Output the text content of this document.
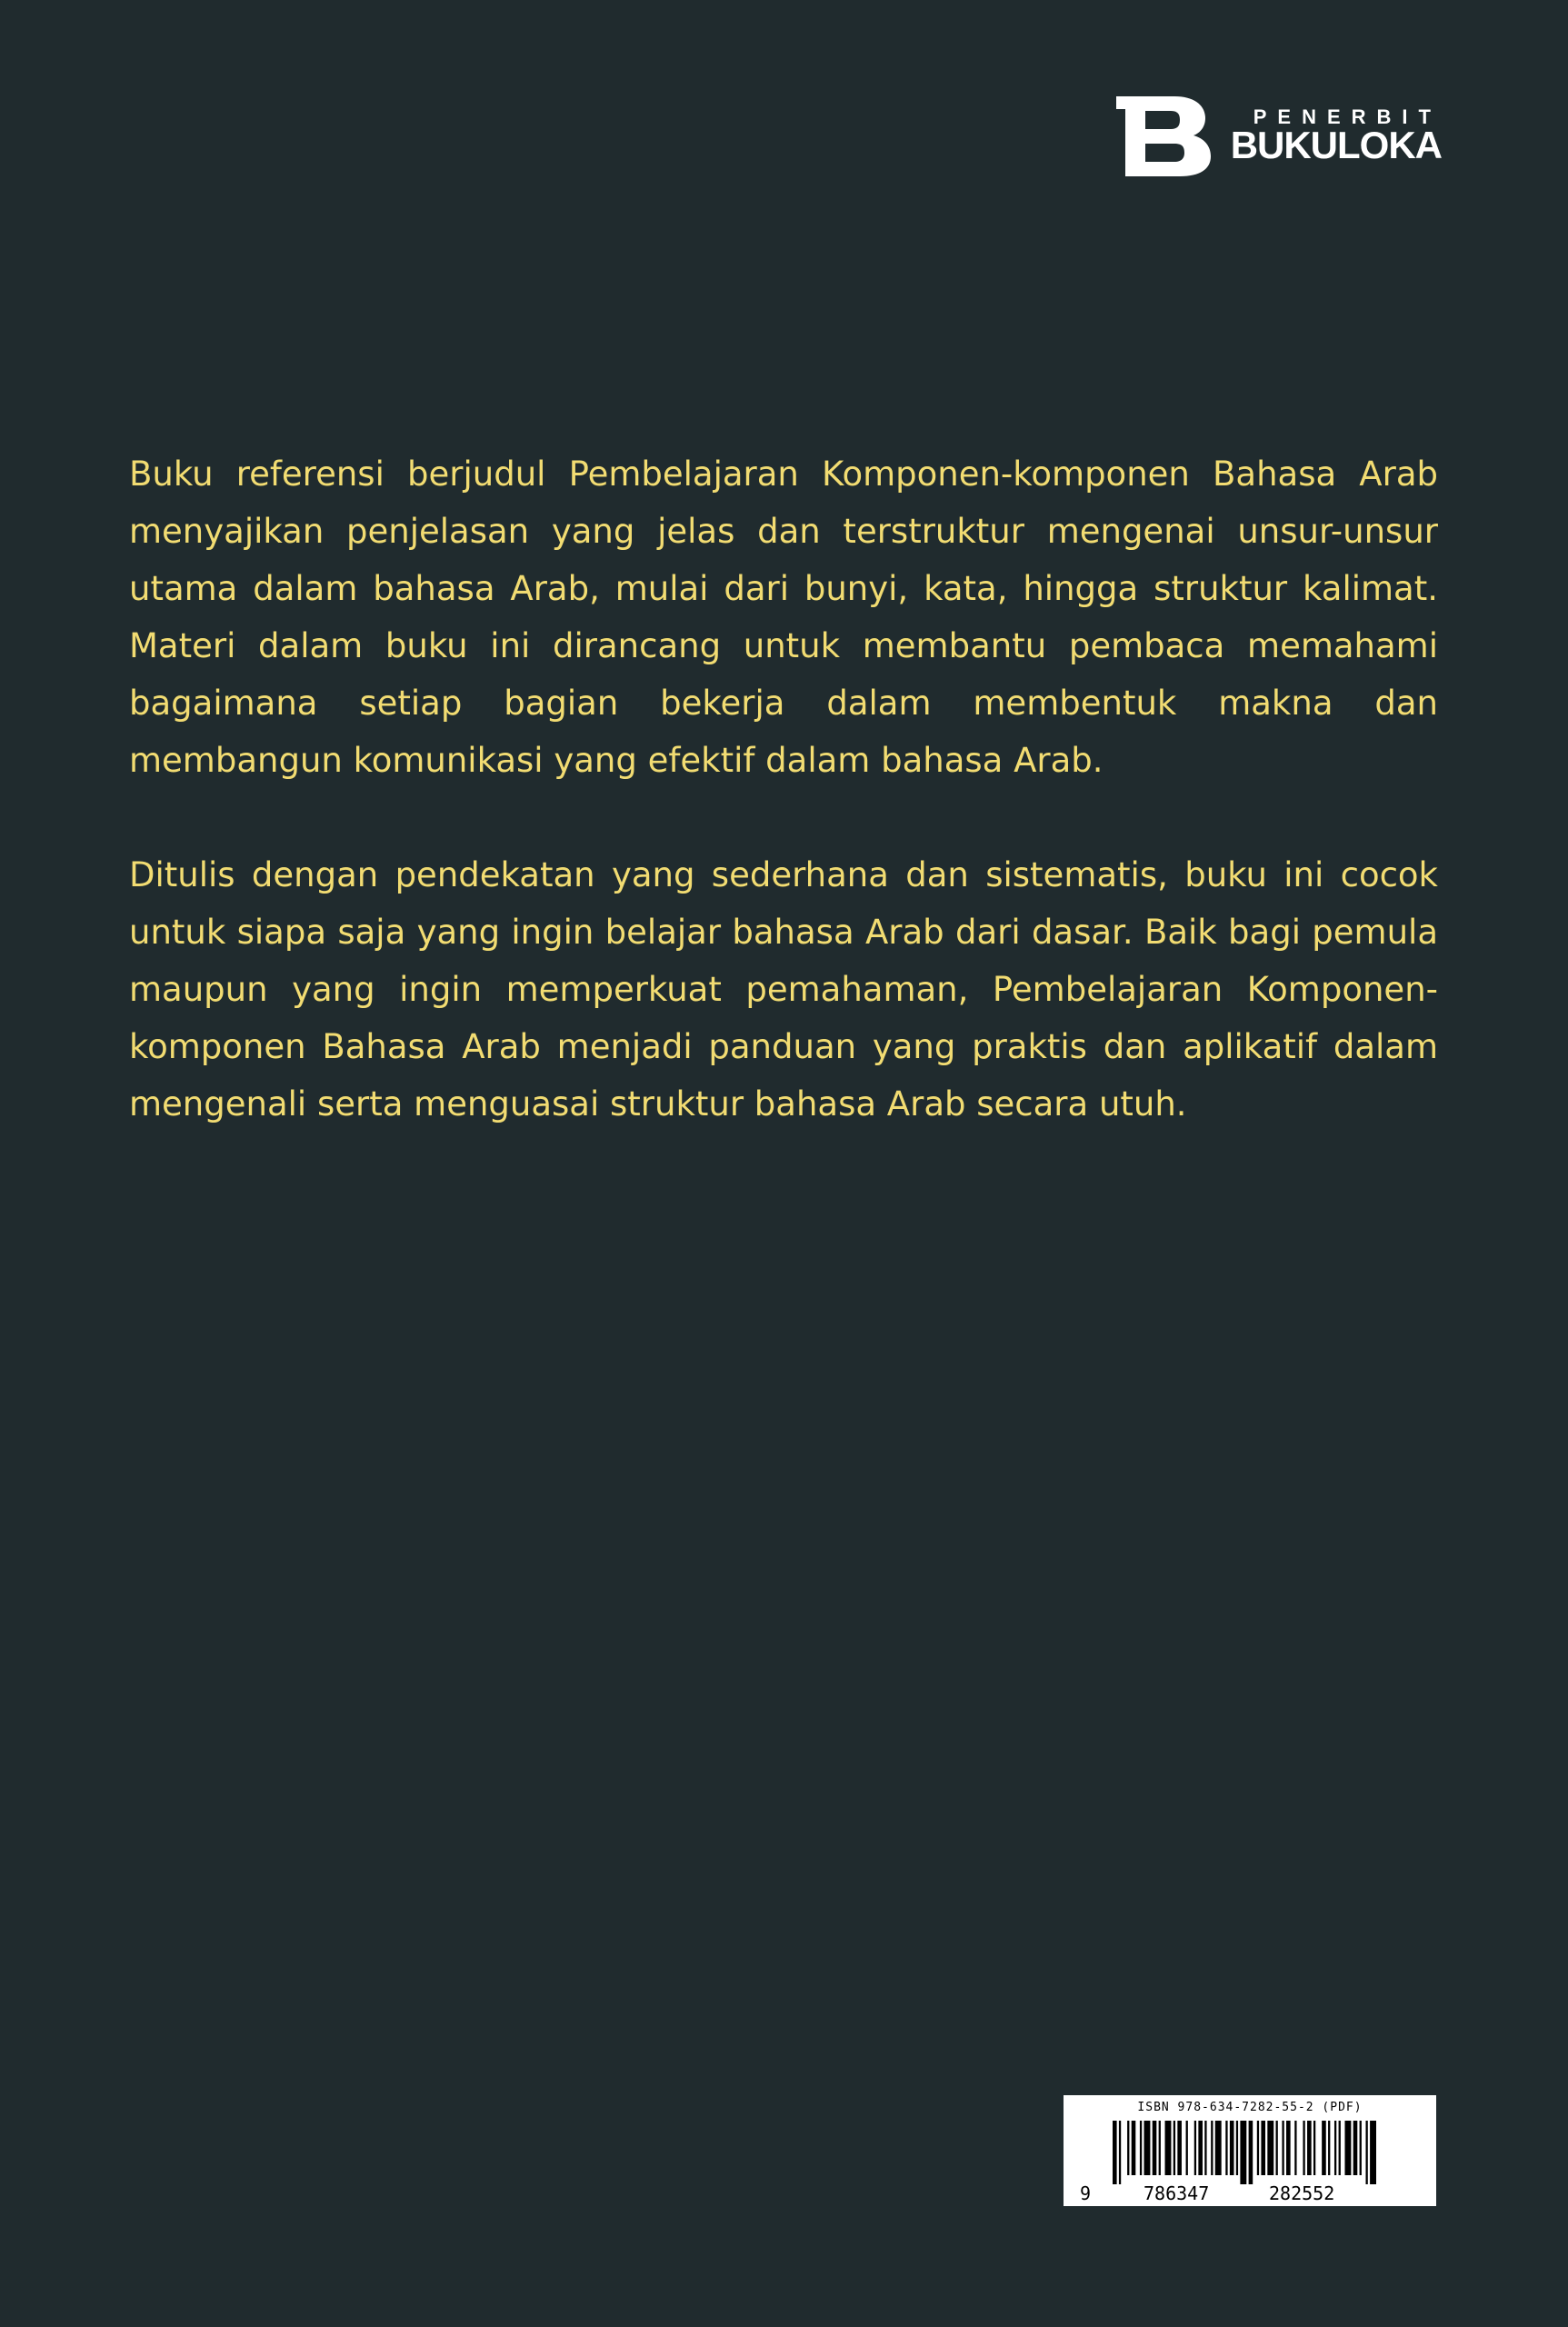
PENERBIT
BUKULOKA

Buku referensi berjudul Pembelajaran Komponen-komponen Bahasa Arab menyajikan penjelasan yang jelas dan terstruktur mengenai unsur-unsur utama dalam bahasa Arab, mulai dari bunyi, kata, hingga struktur kalimat. Materi dalam buku ini dirancang untuk membantu pembaca memahami bagaimana setiap bagian bekerja dalam membentuk makna dan membangun komunikasi yang efektif dalam bahasa Arab.

Ditulis dengan pendekatan yang sederhana dan sistematis, buku ini cocok untuk siapa saja yang ingin belajar bahasa Arab dari dasar. Baik bagi pemula maupun yang ingin memperkuat pemahaman, Pembelajaran Komponen-komponen Bahasa Arab menjadi panduan yang praktis dan aplikatif dalam mengenali serta menguasai struktur bahasa Arab secara utuh.

ISBN 978-634-7282-55-2 (PDF)
9	786347	282552
